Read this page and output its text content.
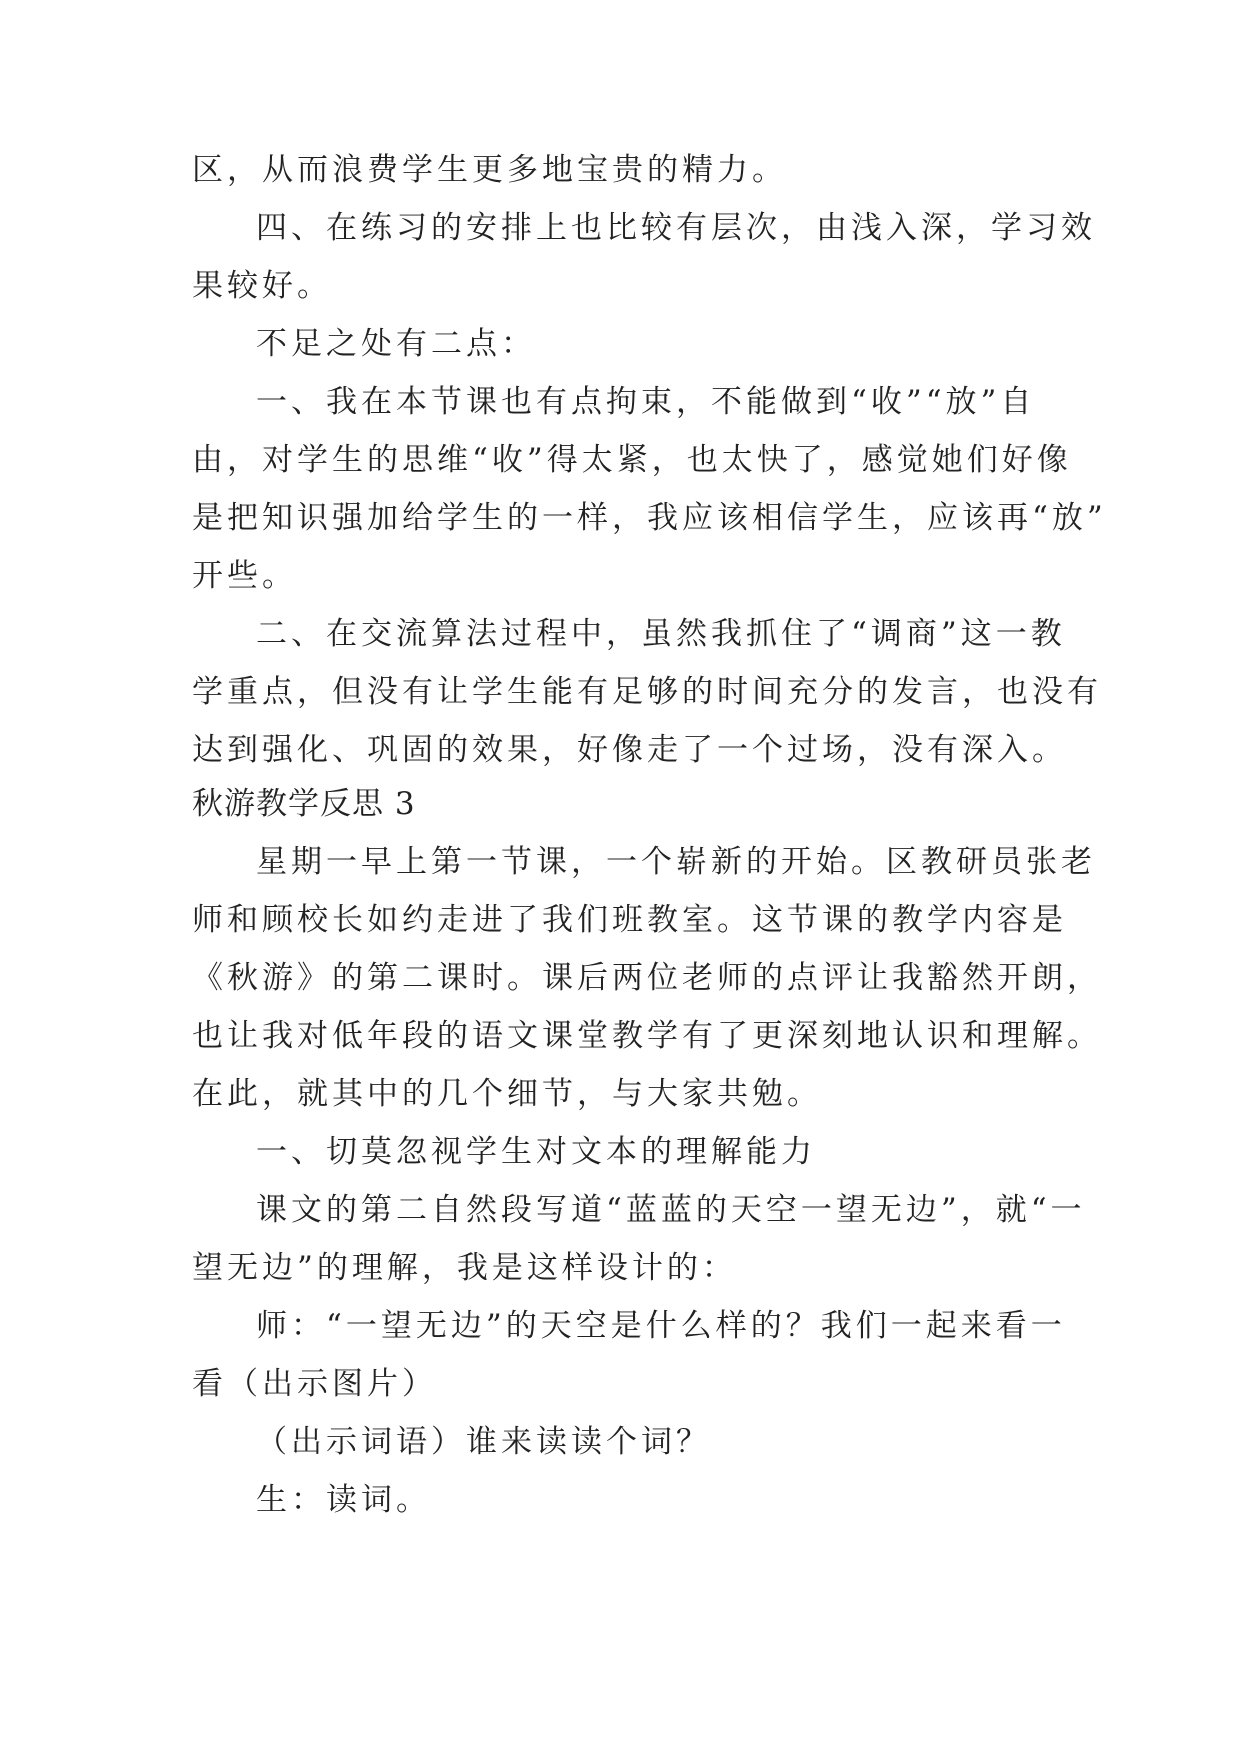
区，从而浪费学生更多地宝贵的精力。
四、在练习的安排上也比较有层次，由浅入深，学习效
果较好。
不足之处有二点：
一、我在本节课也有点拘束，不能做到“收”“放”自
由，对学生的思维“收”得太紧，也太快了，感觉她们好像
是把知识强加给学生的一样，我应该相信学生，应该再“放”
开些。
二、在交流算法过程中，虽然我抓住了“调商”这一教
学重点，但没有让学生能有足够的时间充分的发言，也没有
达到强化、巩固的效果，好像走了一个过场，没有深入。
秋游教学反思 3
星期一早上第一节课，一个崭新的开始。区教研员张老
师和顾校长如约走进了我们班教室。这节课的教学内容是
《秋游》的第二课时。课后两位老师的点评让我豁然开朗，
也让我对低年段的语文课堂教学有了更深刻地认识和理解。
在此，就其中的几个细节，与大家共勉。
一、切莫忽视学生对文本的理解能力
课文的第二自然段写道“蓝蓝的天空一望无边”，就“一
望无边”的理解，我是这样设计的：
师：“一望无边”的天空是什么样的？我们一起来看一
看（出示图片）
（出示词语）谁来读读个词？
生：读词。
